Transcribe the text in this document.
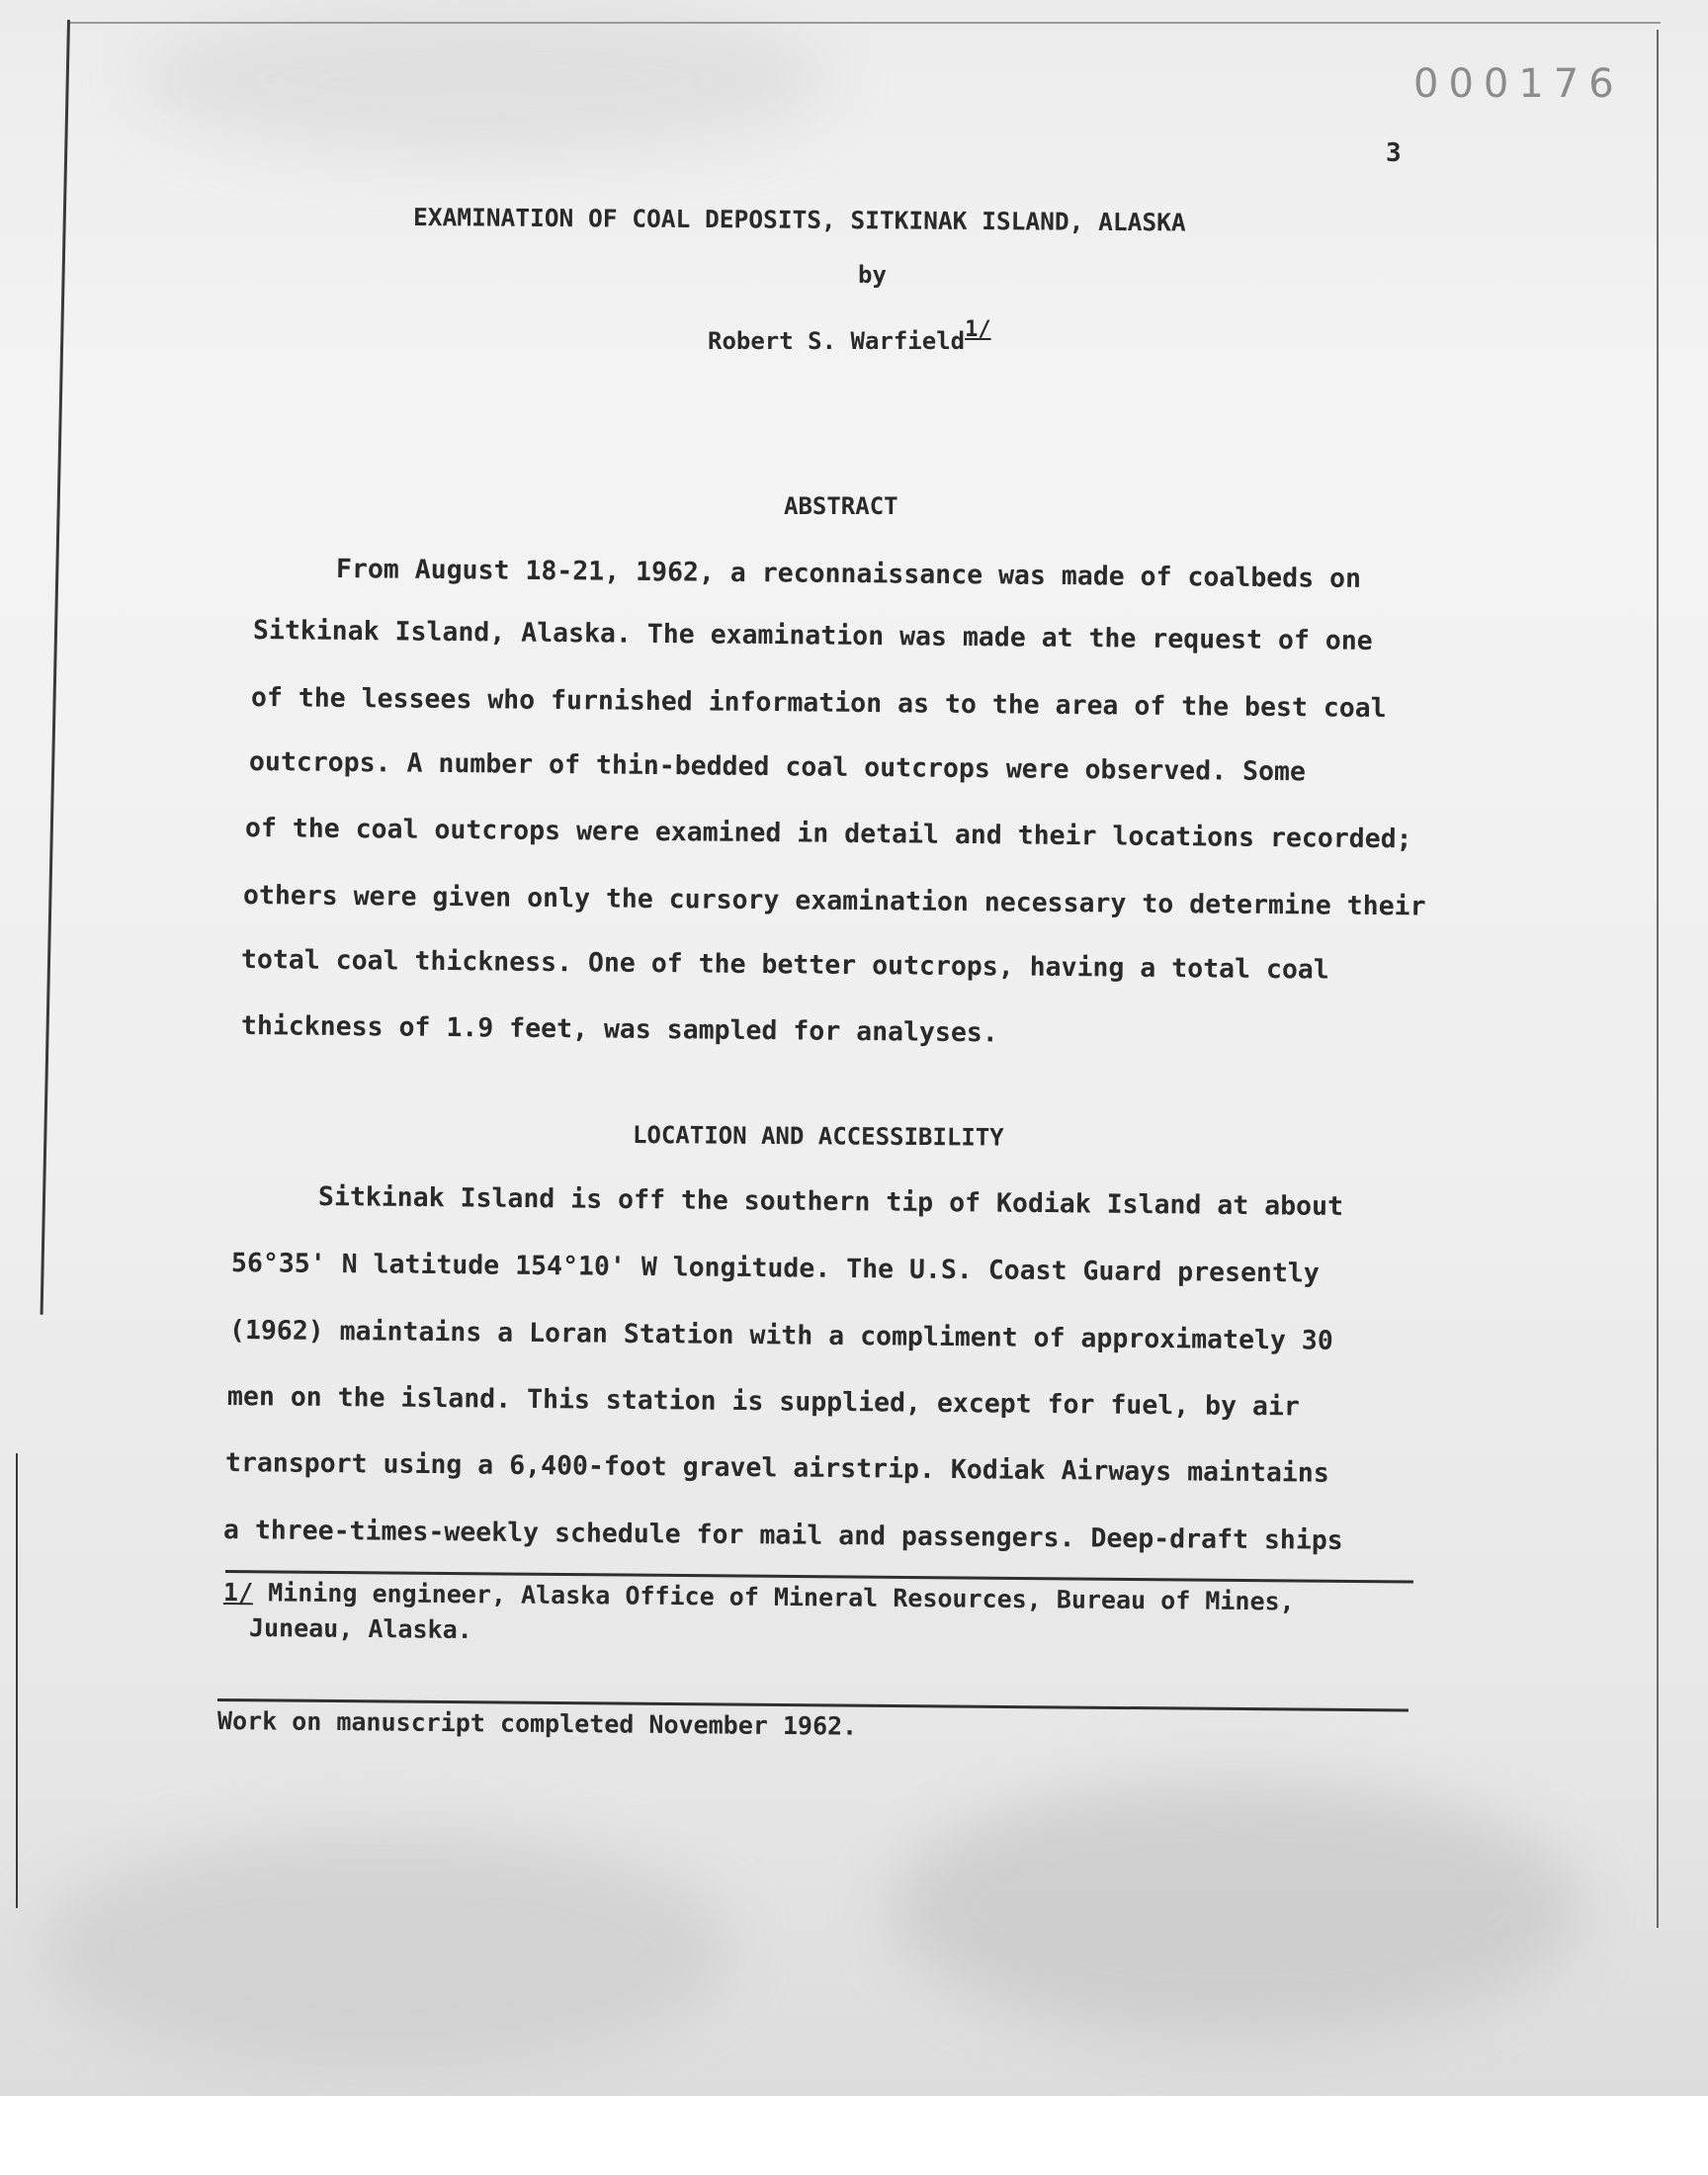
000176
3
EXAMINATION OF COAL DEPOSITS, SITKINAK ISLAND, ALASKA
by
Robert S. Warfield$^{1/}$
ABSTRACT
From August 18-21, 1962, a reconnaissance was made of coalbeds on
Sitkinak Island, Alaska. The examination was made at the request of one
of the lessees who furnished information as to the area of the best coal
outcrops. A number of thin-bedded coal outcrops were observed. Some
of the coal outcrops were examined in detail and their locations recorded;
others were given only the cursory examination necessary to determine their
total coal thickness. One of the better outcrops, having a total coal
thickness of 1.9 feet, was sampled for analyses.
LOCATION AND ACCESSIBILITY
Sitkinak Island is off the southern tip of Kodiak Island at about
56°35' N latitude 154°10' W longitude. The U.S. Coast Guard presently
(1962) maintains a Loran Station with a compliment of approximately 30
men on the island. This station is supplied, except for fuel, by air
transport using a 6,400-foot gravel airstrip. Kodiak Airways maintains
a three-times-weekly schedule for mail and passengers. Deep-draft ships
1/ Mining engineer, Alaska Office of Mineral Resources, Bureau of Mines,
Juneau, Alaska.
Work on manuscript completed November 1962.
